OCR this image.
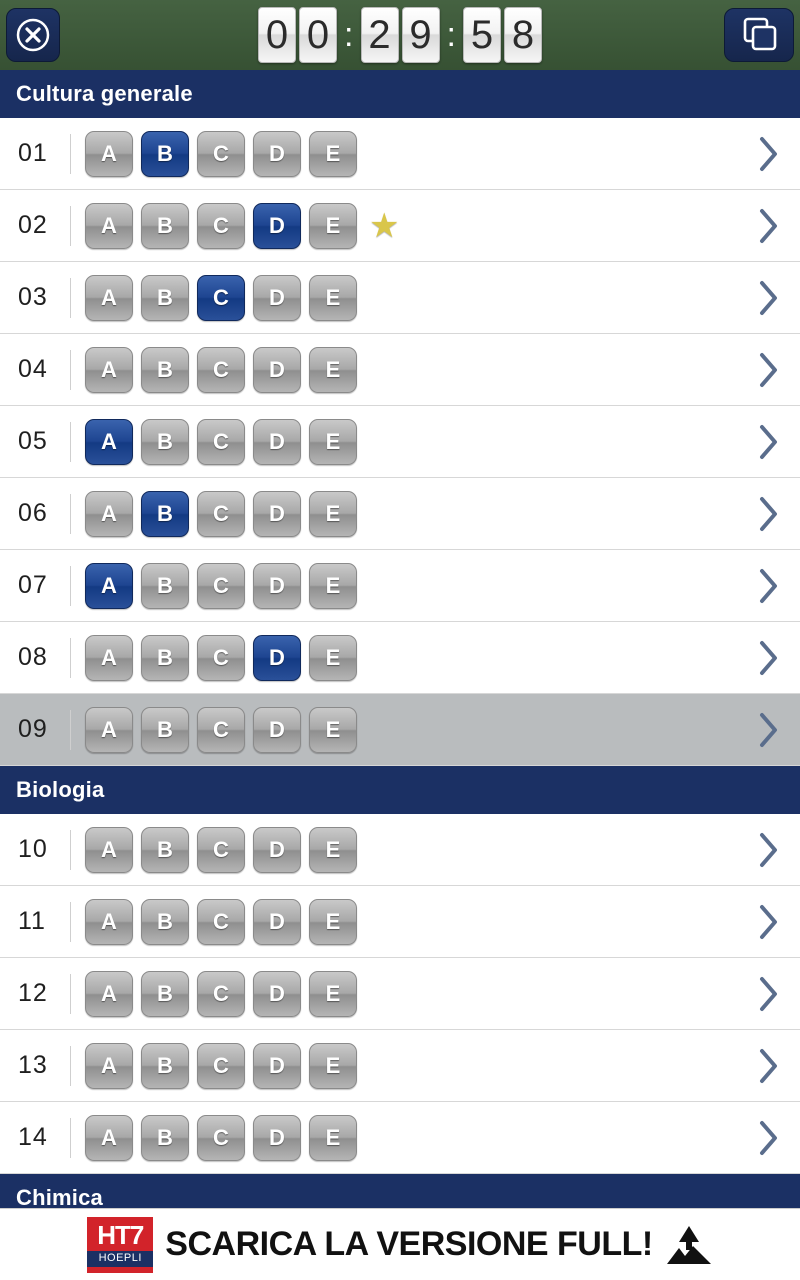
0 0 : 2 9 : 5 8
Cultura generale
01	A	B	C	D	E
02	A	B	C	D	E ★
03	A	B	C	D	E
04	A	B	C	D	E
05	A	B	C	D	E
06	A	B	C	D	E
07	A	B	C	D	E
08	A	B	C	D	E
09	A	B	C	D	E
Biologia
10	A	B	C	D	E
11	A	B	C	D	E
12	A	B	C	D	E
13	A	B	C	D	E
14	A	B	C	D	E
Chimica
HT7
HOEPLI SCARICA LA VERSIONE FULL!
